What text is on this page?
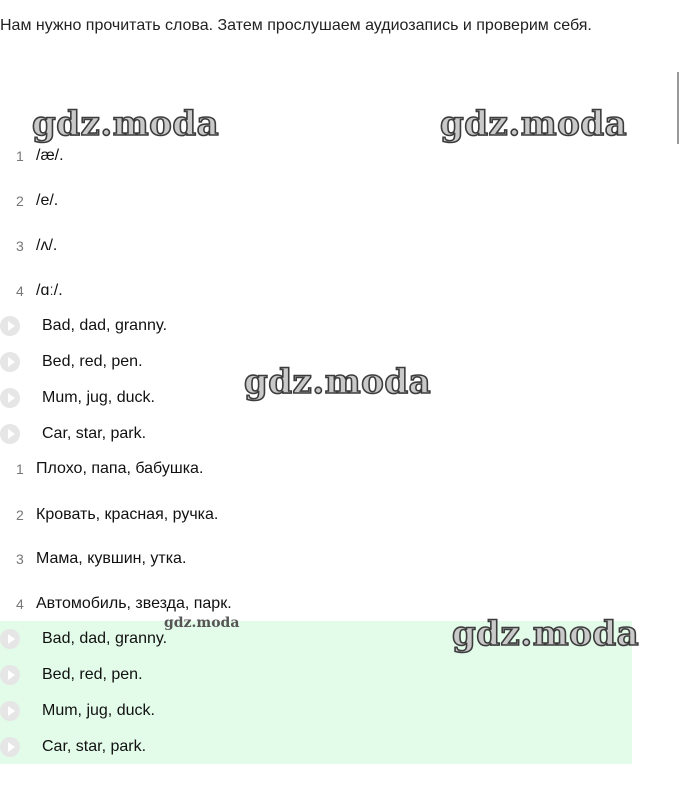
Нам нужно прочитать слова. Затем прослушаем аудиозапись и проверим себя.

gdz.moda	gdz.moda
1 /æ/.
2 /e/.
3 /ʌ/.
4 /ɑː/.
Bad, dad, granny.
Bed, red, pen.
Mum, jug, duck.
Car, star, park.
gdz.moda
1 Плохо, папа, бабушка.
2 Кровать, красная, ручка.
3 Мама, кувшин, утка.
4 Автомобиль, звезда, парк.
Bad, dad, granny.
Bed, red, pen.
Mum, jug, duck.
Car, star, park.
gdz.moda	gdz.moda
